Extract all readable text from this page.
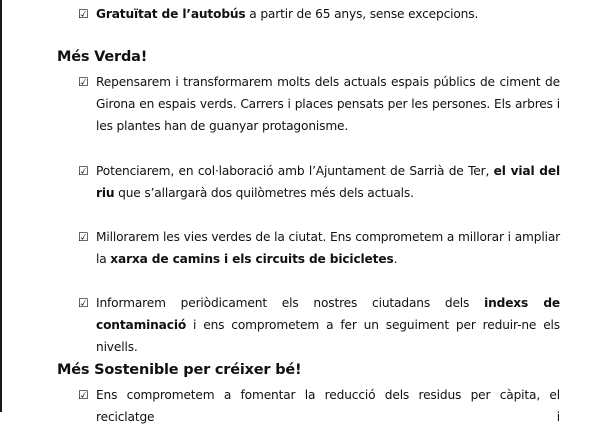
☑ Gratuïtat de l’autobús a partir de 65 anys, sense excepcions.
Més Verda!
☑ Repensarem i transformarem molts dels actuals espais públics de ciment de Girona en espais verds. Carrers i places pensats per les persones. Els arbres i les plantes han de guanyar protagonisme.
☑ Potenciarem, en col·laboració amb l’Ajuntament de Sarrià de Ter, el vial del riu que s’allargarà dos quilòmetres més dels actuals.
☑ Millorarem les vies verdes de la ciutat. Ens comprometem a millorar i ampliar la xarxa de camins i els circuits de bicicletes.
☑ Informarem periòdicament els nostres ciutadans dels indexs de contaminació i ens comprometem a fer un seguiment per reduir-ne els nivells.
Més Sostenible per créixer bé!
☑ Ens comprometem a fomentar la reducció dels residus per càpita, el reciclatge i
